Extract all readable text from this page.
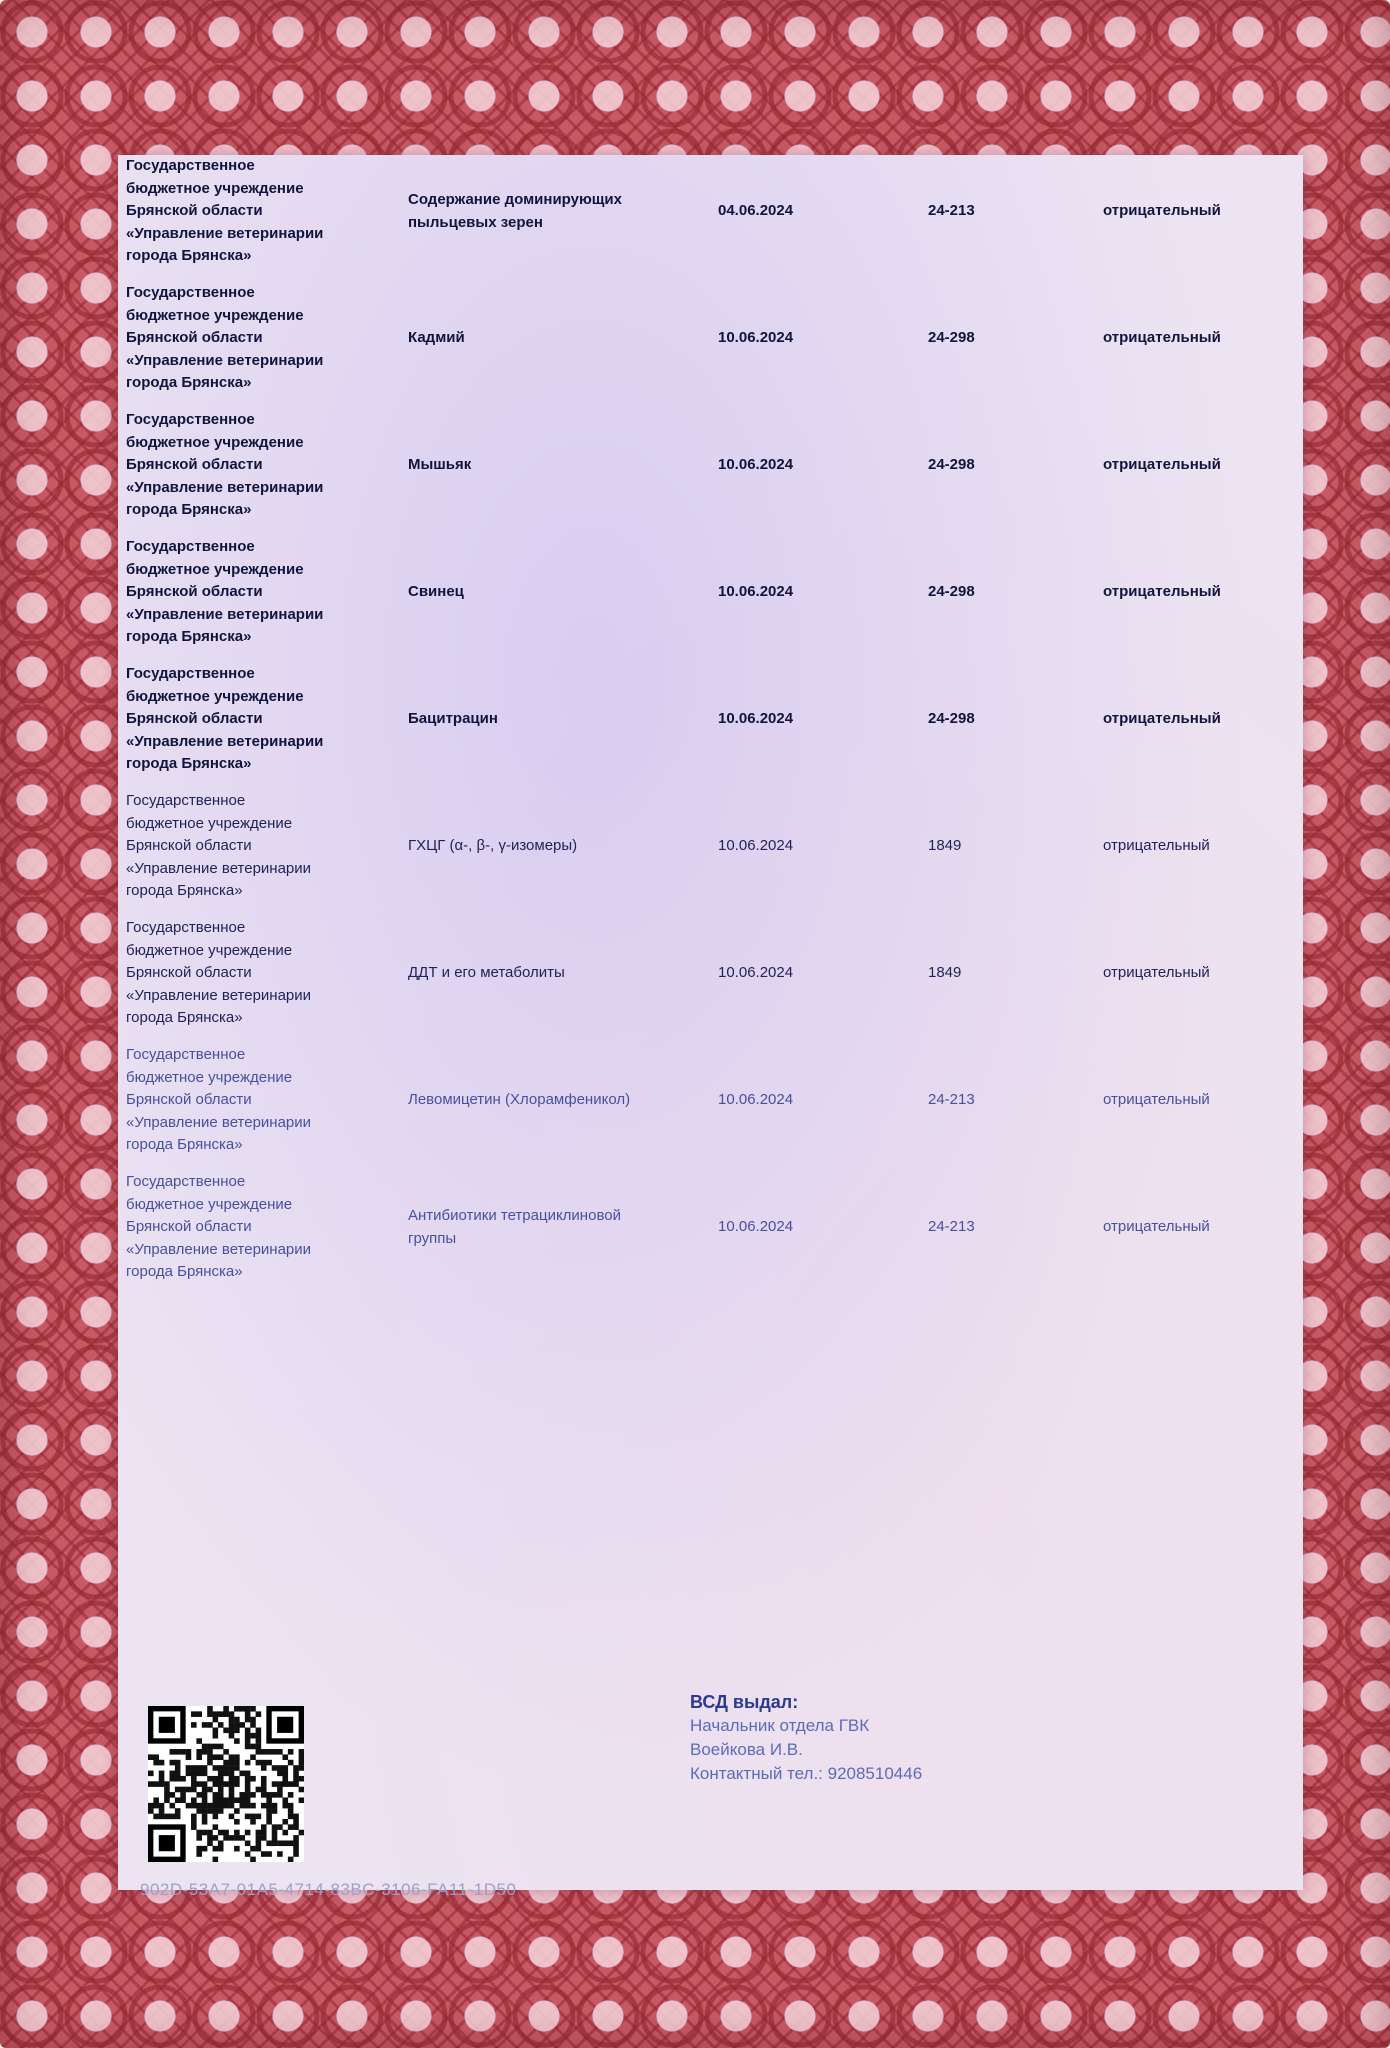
Государственное
бюджетное учреждение
Брянской области
«Управление ветеринарии
города Брянска»
Содержание доминирующих
пыльцевых зерен
04.06.2024	24-213	отрицательный
Государственное
бюджетное учреждение
Брянской области
«Управление ветеринарии
города Брянска»
Кадмий	10.06.2024	24-298	отрицательный
Государственное
бюджетное учреждение
Брянской области
«Управление ветеринарии
города Брянска»
Мышьяк	10.06.2024	24-298	отрицательный
Государственное
бюджетное учреждение
Брянской области
«Управление ветеринарии
города Брянска»
Свинец	10.06.2024	24-298	отрицательный
Государственное
бюджетное учреждение
Брянской области
«Управление ветеринарии
города Брянска»
Бацитрацин	10.06.2024	24-298	отрицательный
Государственное
бюджетное учреждение
Брянской области
«Управление ветеринарии
города Брянска»
ГХЦГ (α-, β-, γ-изомеры)	10.06.2024	1849	отрицательный
Государственное
бюджетное учреждение
Брянской области
«Управление ветеринарии
города Брянска»
ДДТ и его метаболиты	10.06.2024	1849	отрицательный
Государственное
бюджетное учреждение
Брянской области
«Управление ветеринарии
города Брянска»
Левомицетин (Хлорамфеникол)	10.06.2024	24-213	отрицательный
Государственное
бюджетное учреждение
Брянской области
«Управление ветеринарии
города Брянска»
Антибиотики тетрациклиновой
группы
10.06.2024	24-213	отрицательный
902D-53A7-01A5-4714-83BC-3106-FA11-1D50
ВСД выдал:
Начальник отдела ГВК
Воейкова И.В.
Контактный тел.: 9208510446
